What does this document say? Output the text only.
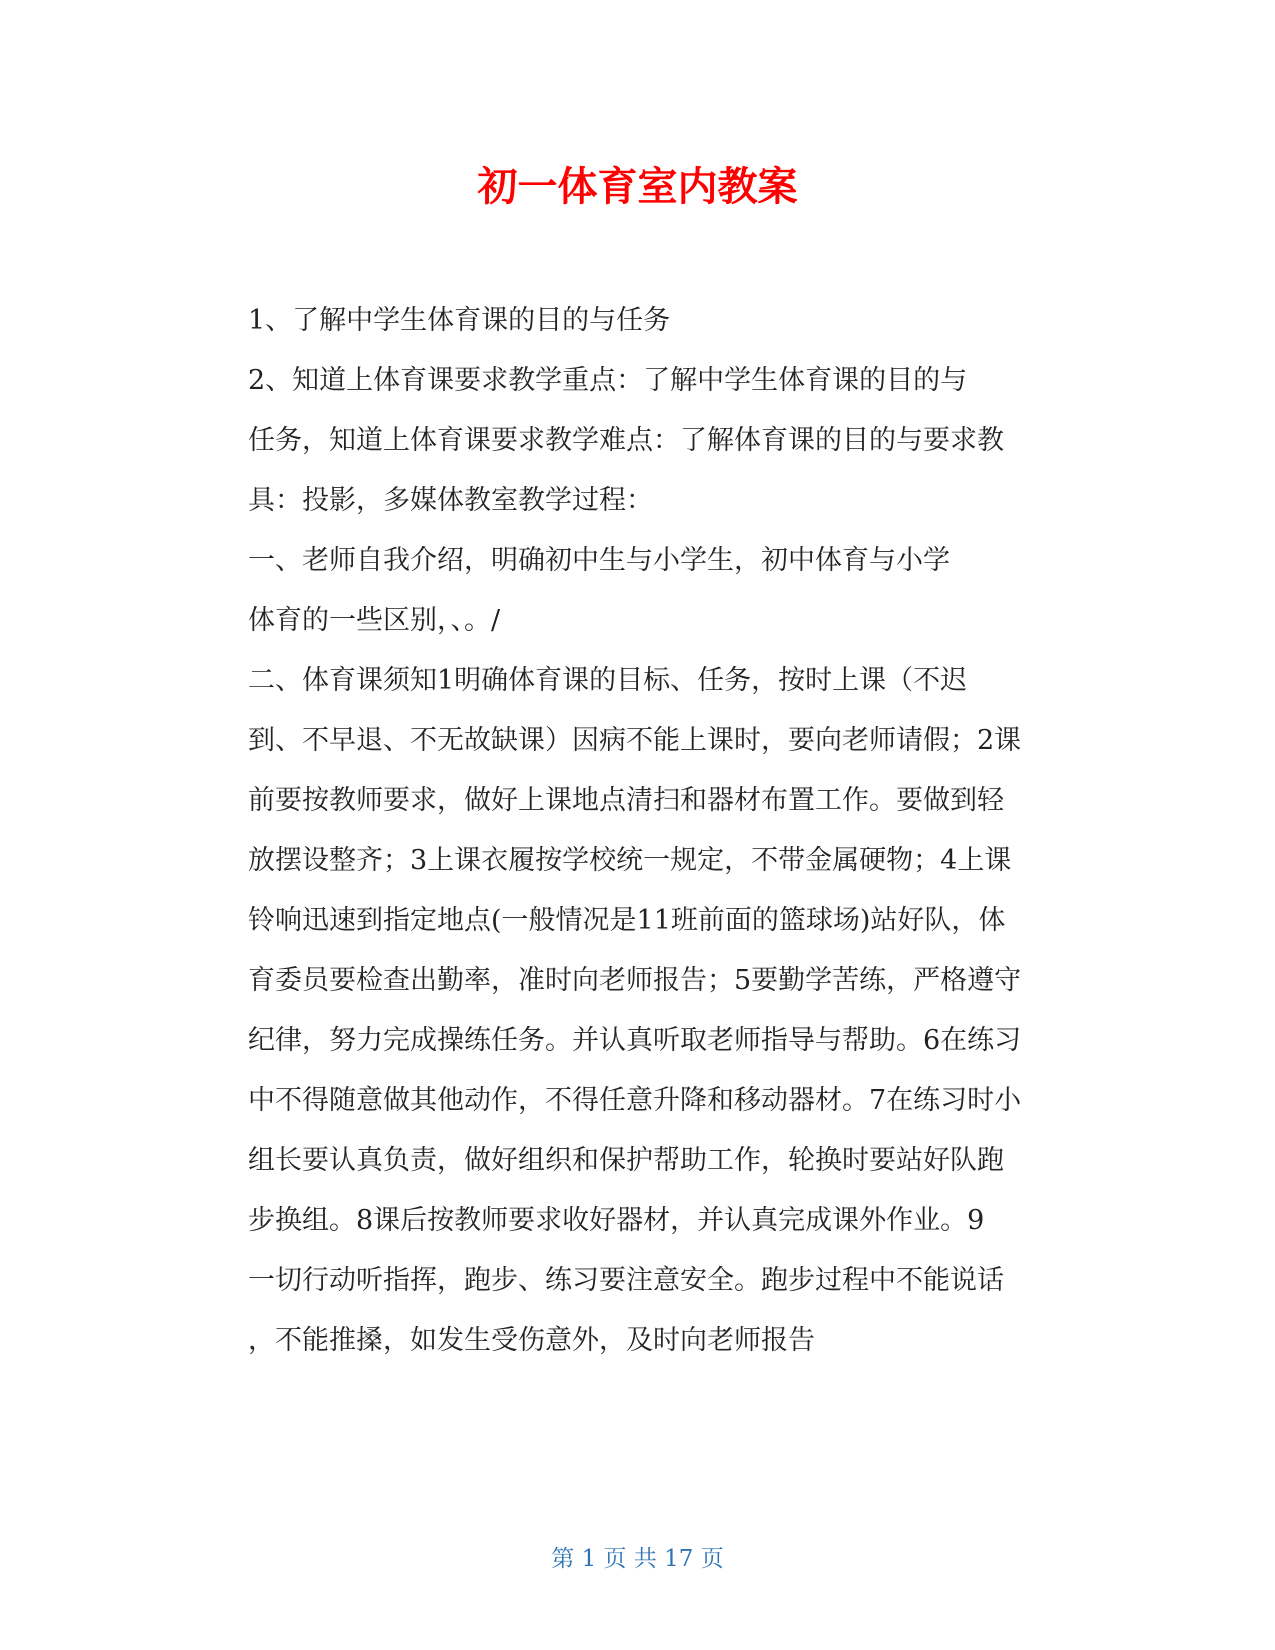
初一体育室内教案

1、了解中学生体育课的目的与任务

2、知道上体育课要求教学重点：了解中学生体育课的目的与
任务，知道上体育课要求教学难点：了解体育课的目的与要求教
具：投影，多媒体教室教学过程：

一、老师自我介绍，明确初中生与小学生，初中体育与小学
体育的一些区别，、。/

二、体育课须知1明确体育课的目标、任务，按时上课（不迟
到、不早退、不无故缺课）因病不能上课时，要向老师请假；2课
前要按教师要求，做好上课地点清扫和器材布置工作。要做到轻
放摆设整齐；3上课衣履按学校统一规定，不带金属硬物；4上课
铃响迅速到指定地点(一般情况是11班前面的篮球场)站好队，体
育委员要检查出勤率，准时向老师报告；5要勤学苦练，严格遵守
纪律，努力完成操练任务。并认真听取老师指导与帮助。6在练习
中不得随意做其他动作，不得任意升降和移动器材。7在练习时小
组长要认真负责，做好组织和保护帮助工作，轮换时要站好队跑
步换组。8课后按教师要求收好器材，并认真完成课外作业。9
一切行动听指挥，跑步、练习要注意安全。跑步过程中不能说话
，不能推搡，如发生受伤意外，及时向老师报告

第 1 页 共 17 页
